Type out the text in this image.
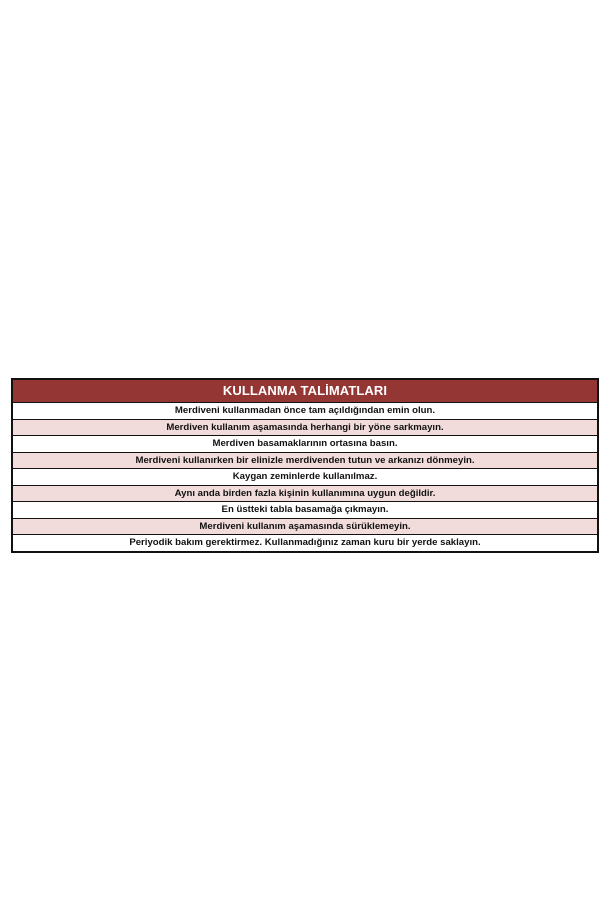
KULLANMA TALİMATLARI
Merdiveni kullanmadan önce tam açıldığından emin olun.
Merdiven kullanım aşamasında herhangi bir yöne sarkmayın.
Merdiven basamaklarının ortasına basın.
Merdiveni kullanırken bir elinizle merdivenden tutun ve arkanızı dönmeyin.
Kaygan zeminlerde kullanılmaz.
Aynı anda birden fazla kişinin kullanımına uygun değildir.
En üstteki tabla basamağa çıkmayın.
Merdiveni kullanım aşamasında sürüklemeyin.
Periyodik bakım gerektirmez. Kullanmadığınız zaman kuru bir yerde saklayın.
